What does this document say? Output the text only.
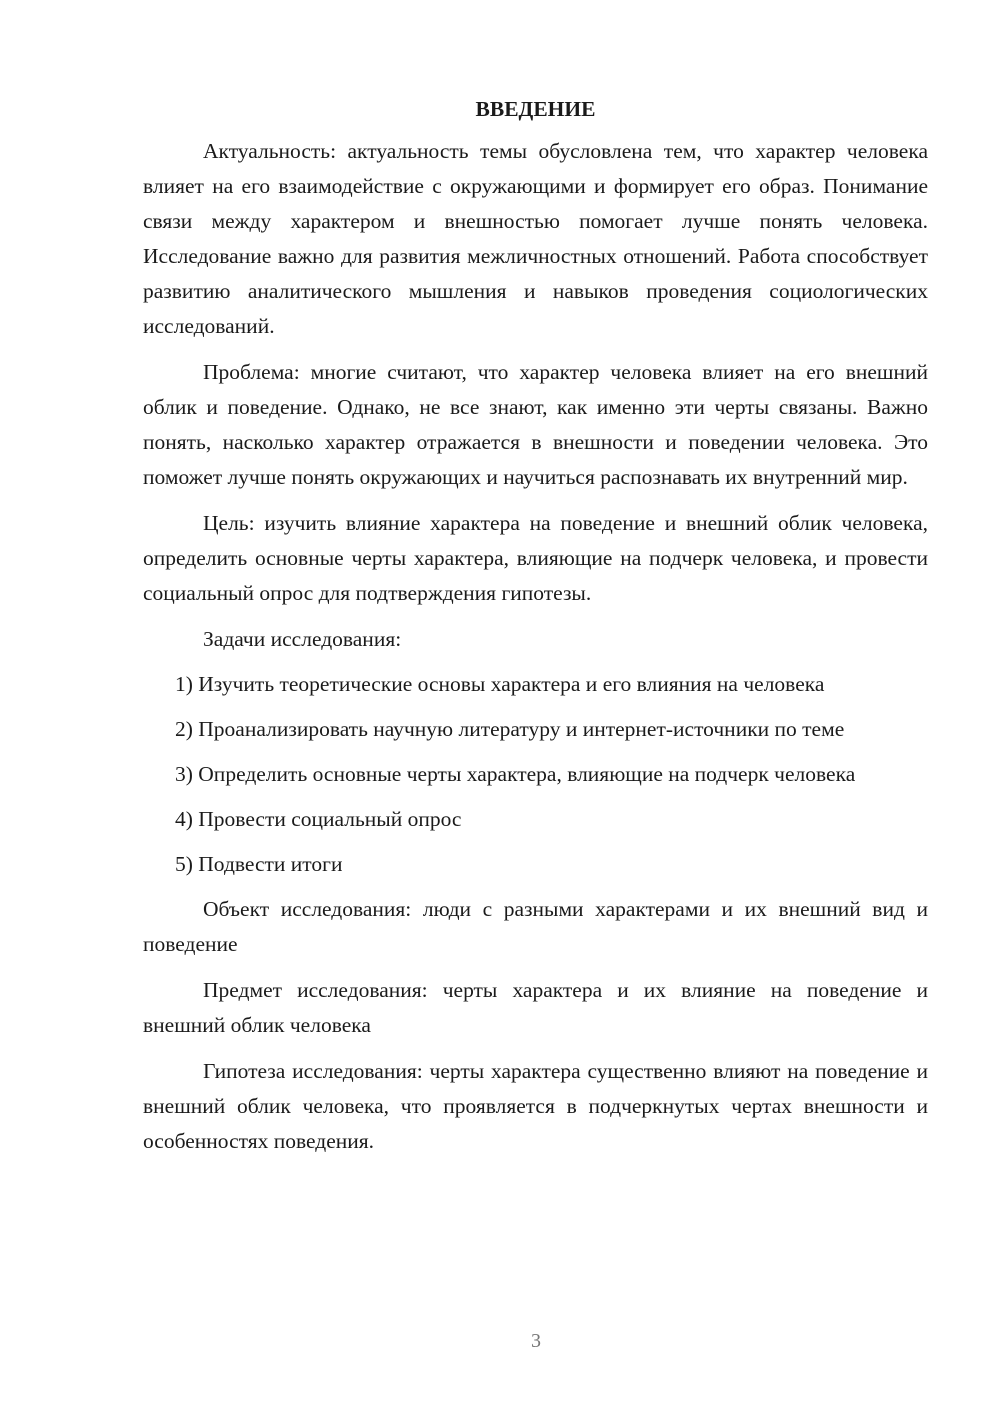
ВВЕДЕНИЕ

Актуальность: актуальность темы обусловлена тем, что характер человека влияет на его взаимодействие с окружающими и формирует его образ. Понимание связи между характером и внешностью помогает лучше понять человека. Исследование важно для развития межличностных отношений. Работа способствует развитию аналитического мышления и навыков проведения социологических исследований.

Проблема: многие считают, что характер человека влияет на его внешний облик и поведение. Однако, не все знают, как именно эти черты связаны. Важно понять, насколько характер отражается в внешности и поведении человека. Это поможет лучше понять окружающих и научиться распознавать их внутренний мир.

Цель: изучить влияние характера на поведение и внешний облик человека, определить основные черты характера, влияющие на подчерк человека, и провести социальный опрос для подтверждения гипотезы.

Задачи исследования:

1) Изучить теоретические основы характера и его влияния на человека

2) Проанализировать научную литературу и интернет-источники по теме

3) Определить основные черты характера, влияющие на подчерк человека

4) Провести социальный опрос

5) Подвести итоги

Объект исследования: люди с разными характерами и их внешний вид и поведение

Предмет исследования: черты характера и их влияние на поведение и внешний облик человека

Гипотеза исследования: черты характера существенно влияют на поведение и внешний облик человека, что проявляется в подчеркнутых чертах внешности и особенностях поведения.

3
